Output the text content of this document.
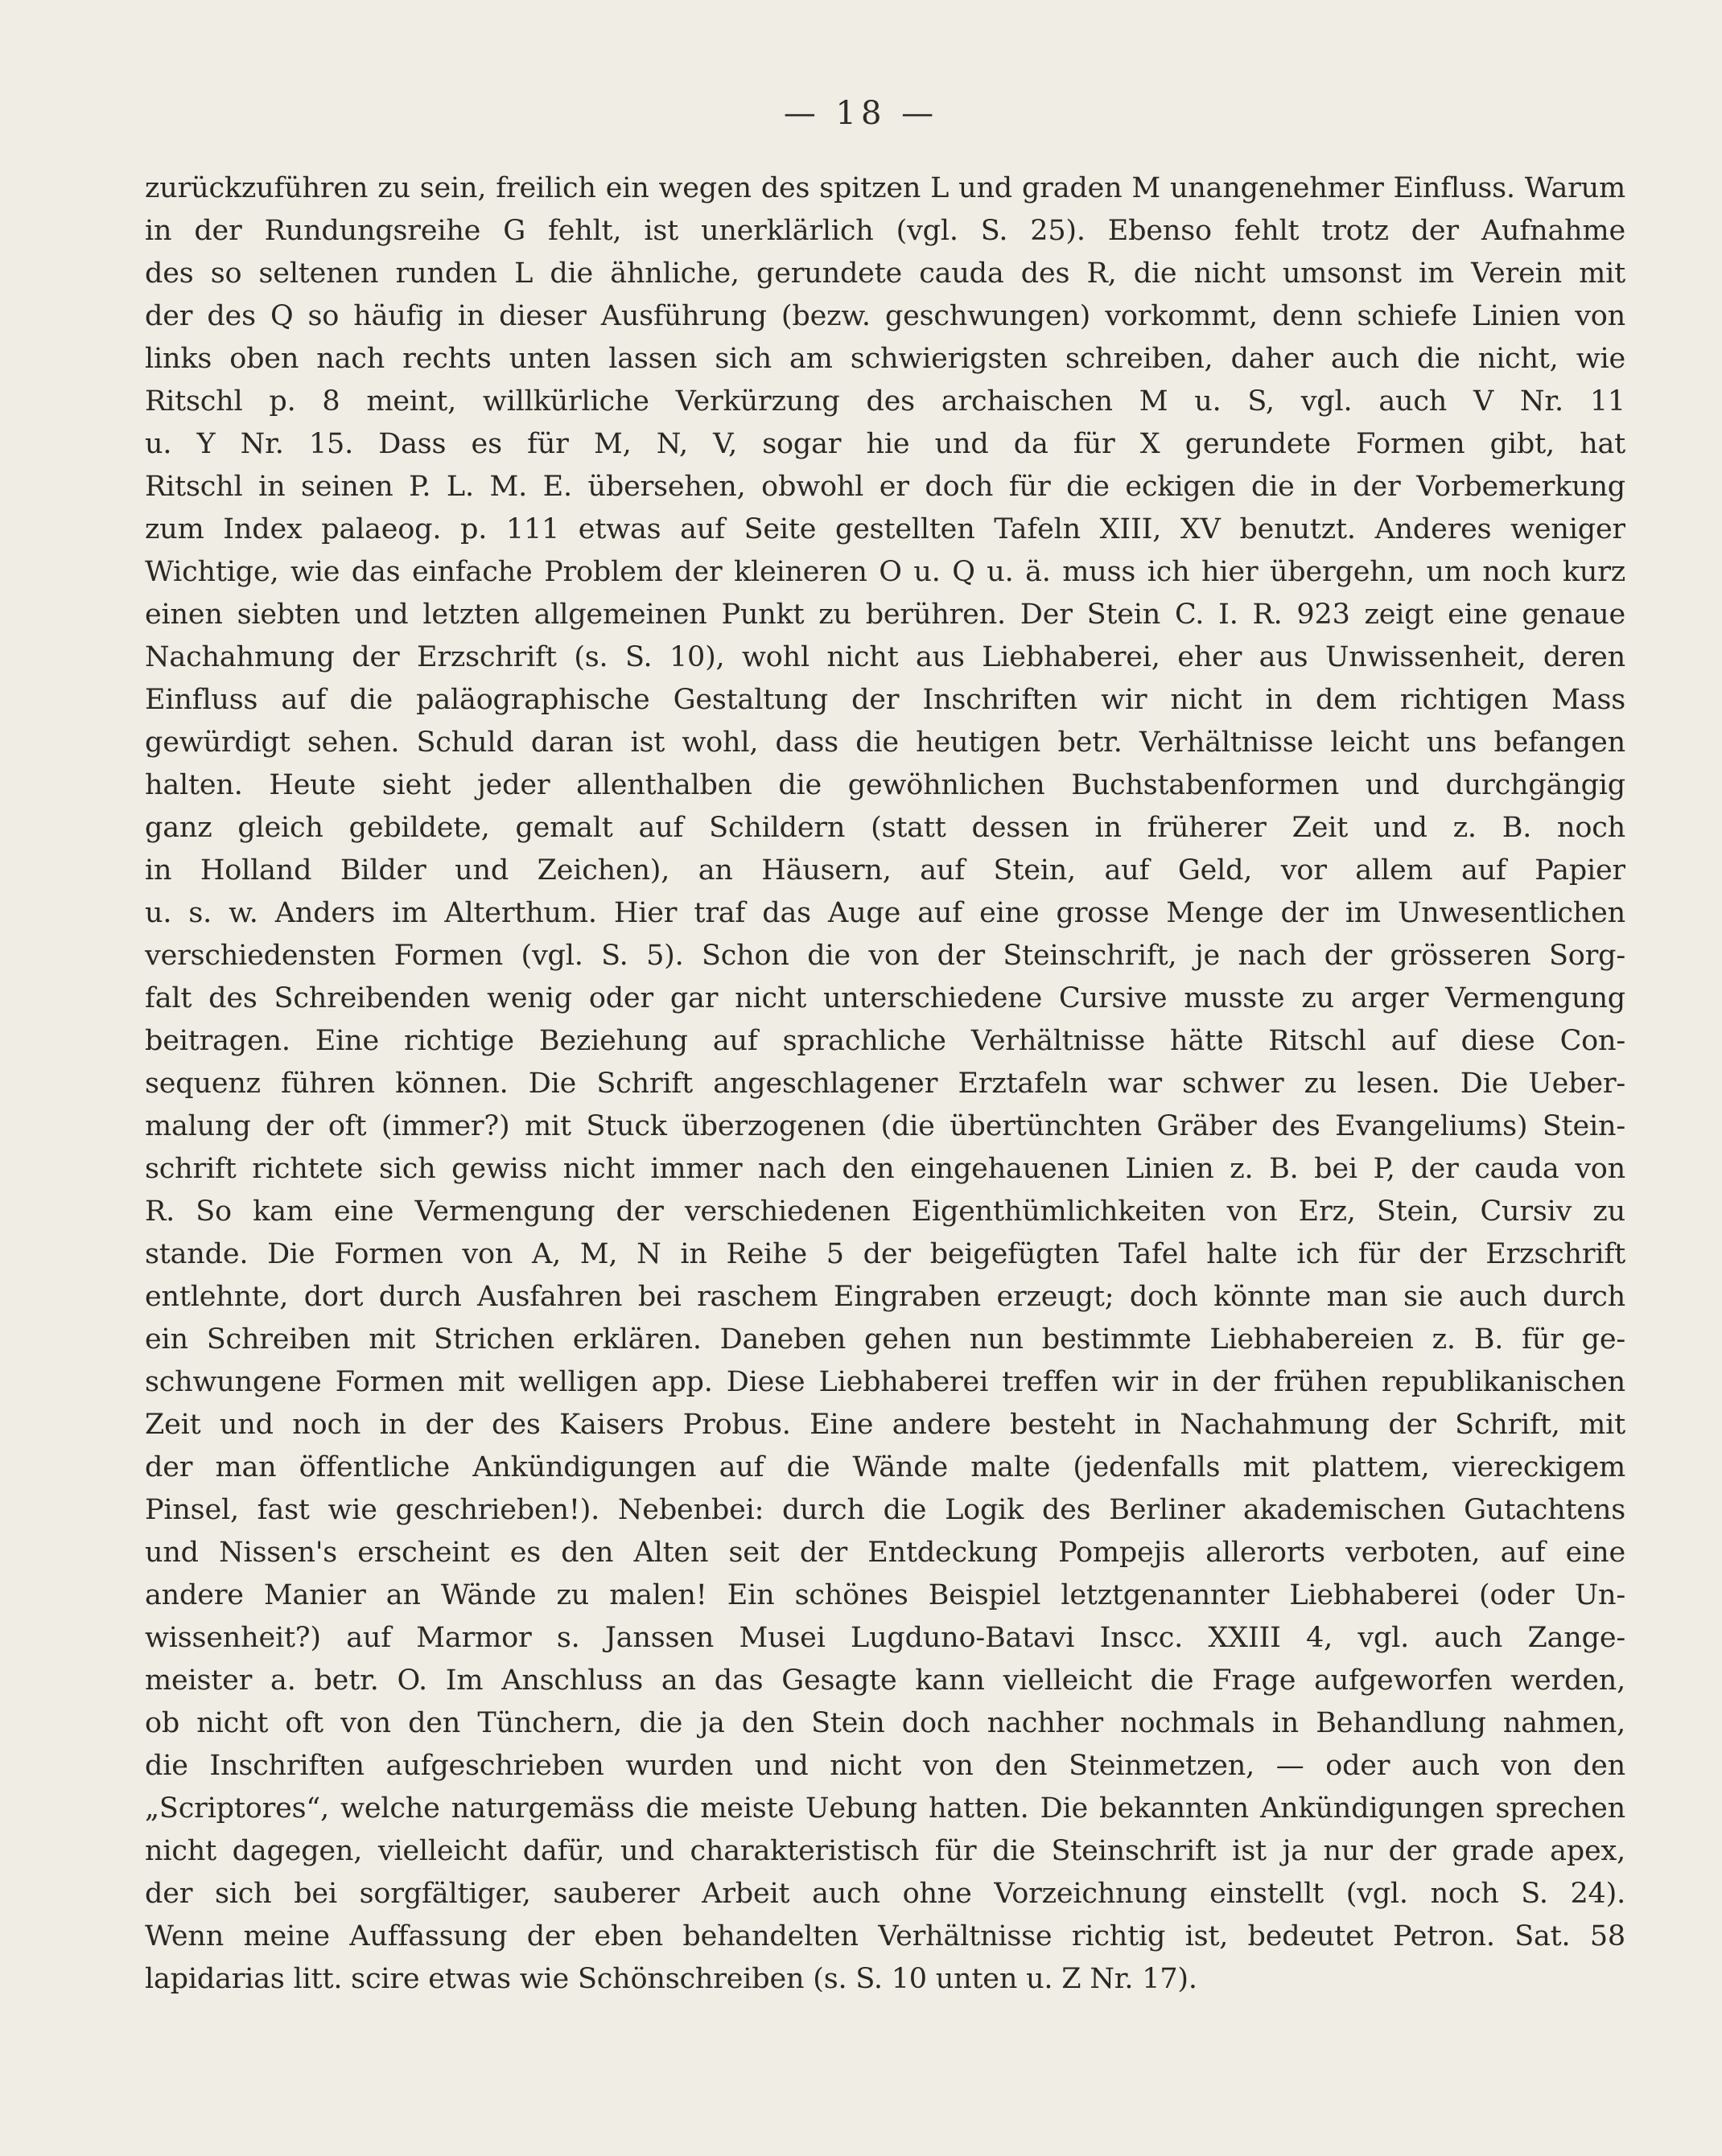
— 18 —
zurückzuführen zu sein, freilich ein wegen des spitzen L und graden M unangenehmer Einfluss. Warum
in der Rundungsreihe G fehlt, ist unerklärlich (vgl. S. 25). Ebenso fehlt trotz der Aufnahme
des so seltenen runden L die ähnliche, gerundete cauda des R, die nicht umsonst im Verein mit
der des Q so häufig in dieser Ausführung (bezw. geschwungen) vorkommt, denn schiefe Linien von
links oben nach rechts unten lassen sich am schwierigsten schreiben, daher auch die nicht, wie
Ritschl p. 8 meint, willkürliche Verkürzung des archaischen M u. S, vgl. auch V Nr. 11
u. Y Nr. 15. Dass es für M, N, V, sogar hie und da für X gerundete Formen gibt, hat
Ritschl in seinen P. L. M. E. übersehen, obwohl er doch für die eckigen die in der Vorbemerkung
zum Index palaeog. p. 111 etwas auf Seite gestellten Tafeln XIII, XV benutzt. Anderes weniger
Wichtige, wie das einfache Problem der kleineren O u. Q u. ä. muss ich hier übergehn, um noch kurz
einen siebten und letzten allgemeinen Punkt zu berühren. Der Stein C. I. R. 923 zeigt eine genaue
Nachahmung der Erzschrift (s. S. 10), wohl nicht aus Liebhaberei, eher aus Unwissenheit, deren
Einfluss auf die paläographische Gestaltung der Inschriften wir nicht in dem richtigen Mass
gewürdigt sehen. Schuld daran ist wohl, dass die heutigen betr. Verhältnisse leicht uns befangen
halten. Heute sieht jeder allenthalben die gewöhnlichen Buchstabenformen und durchgängig
ganz gleich gebildete, gemalt auf Schildern (statt dessen in früherer Zeit und z. B. noch
in Holland Bilder und Zeichen), an Häusern, auf Stein, auf Geld, vor allem auf Papier
u. s. w. Anders im Alterthum. Hier traf das Auge auf eine grosse Menge der im Unwesentlichen
verschiedensten Formen (vgl. S. 5). Schon die von der Steinschrift, je nach der grösseren Sorg-
falt des Schreibenden wenig oder gar nicht unterschiedene Cursive musste zu arger Vermengung
beitragen. Eine richtige Beziehung auf sprachliche Verhältnisse hätte Ritschl auf diese Con-
sequenz führen können. Die Schrift angeschlagener Erztafeln war schwer zu lesen. Die Ueber-
malung der oft (immer?) mit Stuck überzogenen (die übertünchten Gräber des Evangeliums) Stein-
schrift richtete sich gewiss nicht immer nach den eingehauenen Linien z. B. bei P, der cauda von
R. So kam eine Vermengung der verschiedenen Eigenthümlichkeiten von Erz, Stein, Cursiv zu
stande. Die Formen von A, M, N in Reihe 5 der beigefügten Tafel halte ich für der Erzschrift
entlehnte, dort durch Ausfahren bei raschem Eingraben erzeugt; doch könnte man sie auch durch
ein Schreiben mit Strichen erklären. Daneben gehen nun bestimmte Liebhabereien z. B. für ge-
schwungene Formen mit welligen app. Diese Liebhaberei treffen wir in der frühen republikanischen
Zeit und noch in der des Kaisers Probus. Eine andere besteht in Nachahmung der Schrift, mit
der man öffentliche Ankündigungen auf die Wände malte (jedenfalls mit plattem, viereckigem
Pinsel, fast wie geschrieben!). Nebenbei: durch die Logik des Berliner akademischen Gutachtens
und Nissen's erscheint es den Alten seit der Entdeckung Pompejis allerorts verboten, auf eine
andere Manier an Wände zu malen! Ein schönes Beispiel letztgenannter Liebhaberei (oder Un-
wissenheit?) auf Marmor s. Janssen Musei Lugduno-Batavi Inscc. XXIII 4, vgl. auch Zange-
meister a. betr. O. Im Anschluss an das Gesagte kann vielleicht die Frage aufgeworfen werden,
ob nicht oft von den Tünchern, die ja den Stein doch nachher nochmals in Behandlung nahmen,
die Inschriften aufgeschrieben wurden und nicht von den Steinmetzen, — oder auch von den
„Scriptores“, welche naturgemäss die meiste Uebung hatten. Die bekannten Ankündigungen sprechen
nicht dagegen, vielleicht dafür, und charakteristisch für die Steinschrift ist ja nur der grade apex,
der sich bei sorgfältiger, sauberer Arbeit auch ohne Vorzeichnung einstellt (vgl. noch S. 24).
Wenn meine Auffassung der eben behandelten Verhältnisse richtig ist, bedeutet Petron. Sat. 58
lapidarias litt. scire etwas wie Schönschreiben (s. S. 10 unten u. Z Nr. 17).
